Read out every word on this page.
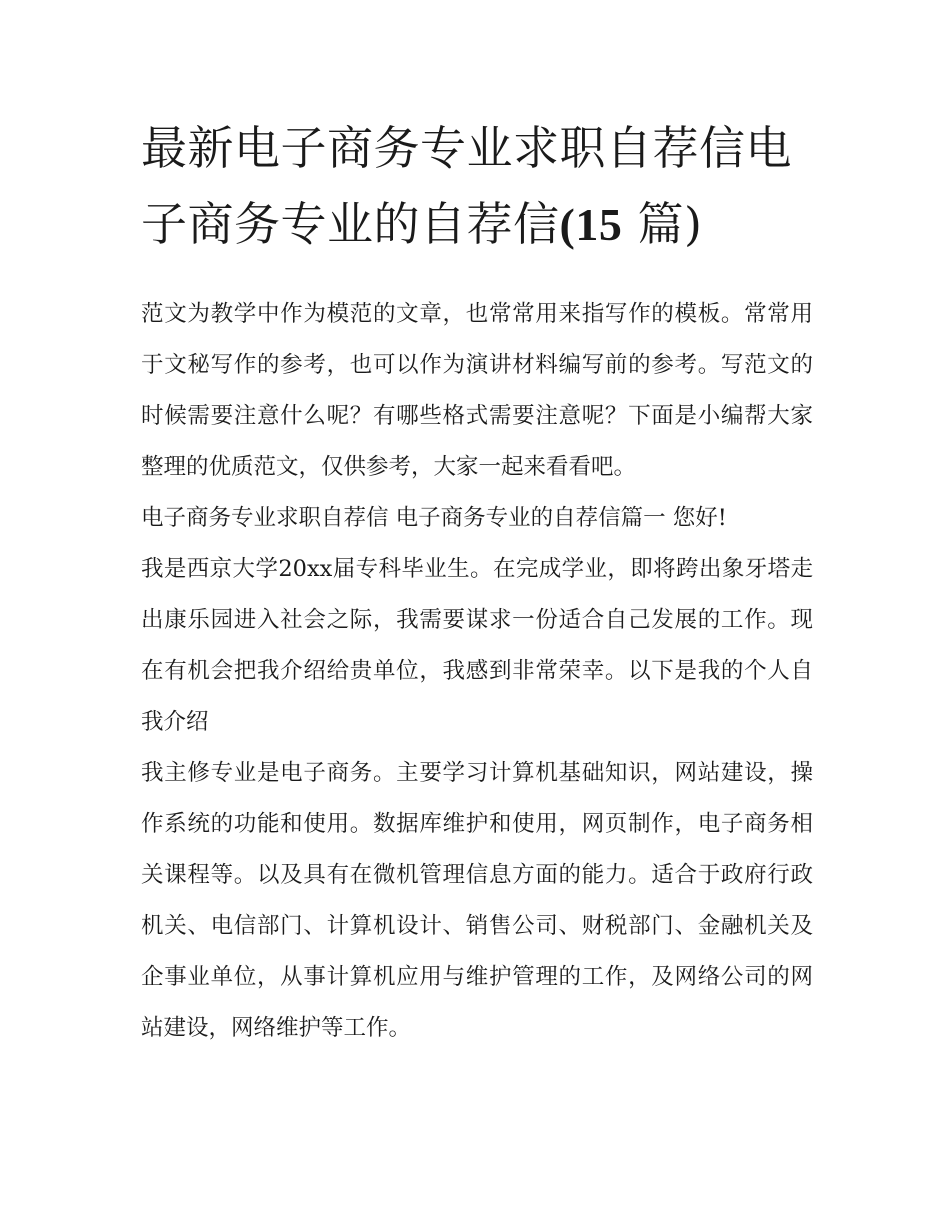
最新电子商务专业求职自荐信电子商务专业的自荐信(15 篇)

范文为教学中作为模范的文章，也常常用来指写作的模板。常常用于文秘写作的参考，也可以作为演讲材料编写前的参考。写范文的时候需要注意什么呢？有哪些格式需要注意呢？下面是小编帮大家整理的优质范文，仅供参考，大家一起来看看吧。

电子商务专业求职自荐信 电子商务专业的自荐信篇一 您好!

我是西京大学20xx届专科毕业生。在完成学业，即将跨出象牙塔走出康乐园进入社会之际，我需要谋求一份适合自己发展的工作。现在有机会把我介绍给贵单位，我感到非常荣幸。以下是我的个人自我介绍

我主修专业是电子商务。主要学习计算机基础知识，网站建设，操作系统的功能和使用。数据库维护和使用，网页制作，电子商务相关课程等。以及具有在微机管理信息方面的能力。适合于政府行政机关、电信部门、计算机设计、销售公司、财税部门、金融机关及企事业单位，从事计算机应用与维护管理的工作，及网络公司的网站建设，网络维护等工作。
